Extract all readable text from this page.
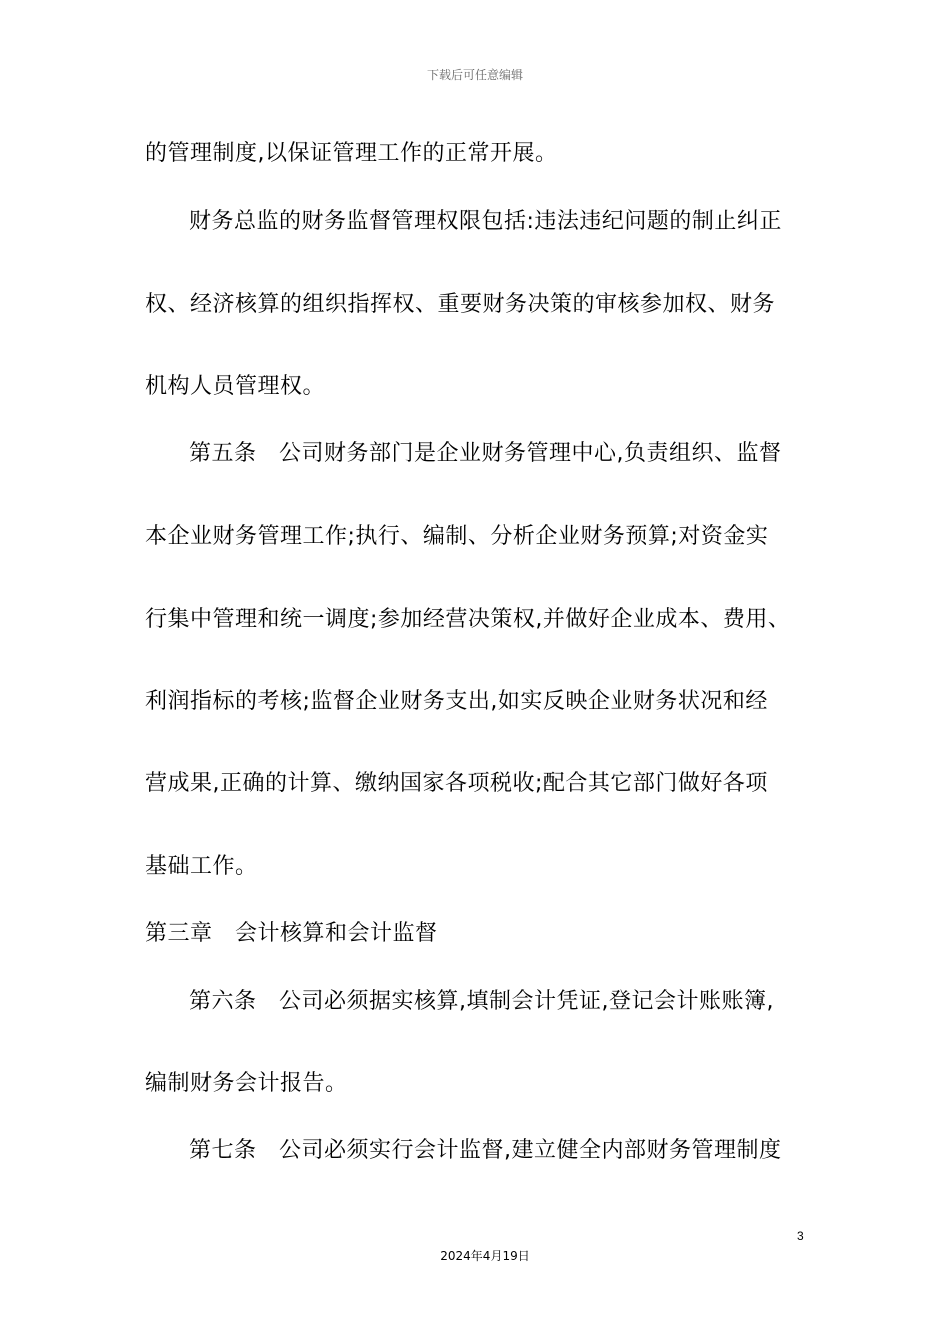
下载后可任意编辑
的管理制度,以保证管理工作的正常开展。
财务总监的财务监督管理权限包括:违法违纪问题的制止纠正
权、经济核算的组织指挥权、重要财务决策的审核参加权、财务
机构人员管理权。
第五条　公司财务部门是企业财务管理中心,负责组织、监督
本企业财务管理工作;执行、编制、分析企业财务预算;对资金实
行集中管理和统一调度;参加经营决策权,并做好企业成本、费用、
利润指标的考核;监督企业财务支出,如实反映企业财务状况和经
营成果,正确的计算、缴纳国家各项税收;配合其它部门做好各项
基础工作。
第三章　会计核算和会计监督
第六条　公司必须据实核算,填制会计凭证,登记会计账账簿,
编制财务会计报告。
第七条　公司必须实行会计监督,建立健全内部财务管理制度
3
2024年4月19日
